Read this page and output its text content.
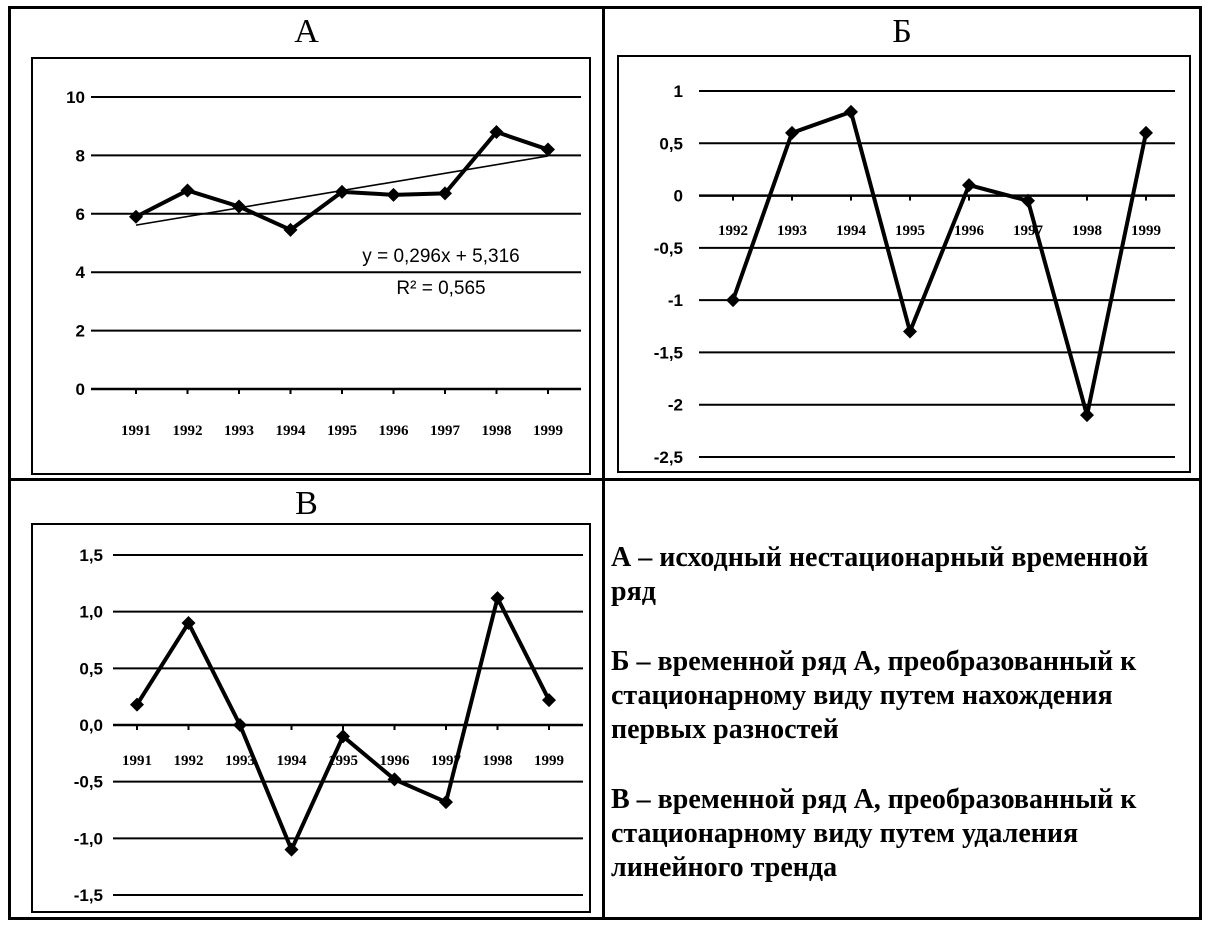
А
0
2
4
6
8
10
1991 1992 1993 1994 1995 1996 1997 1998 1999
y = 0,296x + 5,316
R² = 0,565
Б
1
0,5
0
-0,5
-1
-1,5
-2
-2,5
1992 1993 1994 1995 1996 1997 1998 1999
В
1,5
1,0
0,5
0,0
-0,5
-1,0
-1,5
1991 1992 1993 1994 1995 1996 1997 1998 1999
А – исходный нестационарный временной ряд
Б – временной ряд А, преобразованный к стационарному виду путем нахождения первых разностей
В – временной ряд А, преобразованный к стационарному виду путем удаления линейного тренда
